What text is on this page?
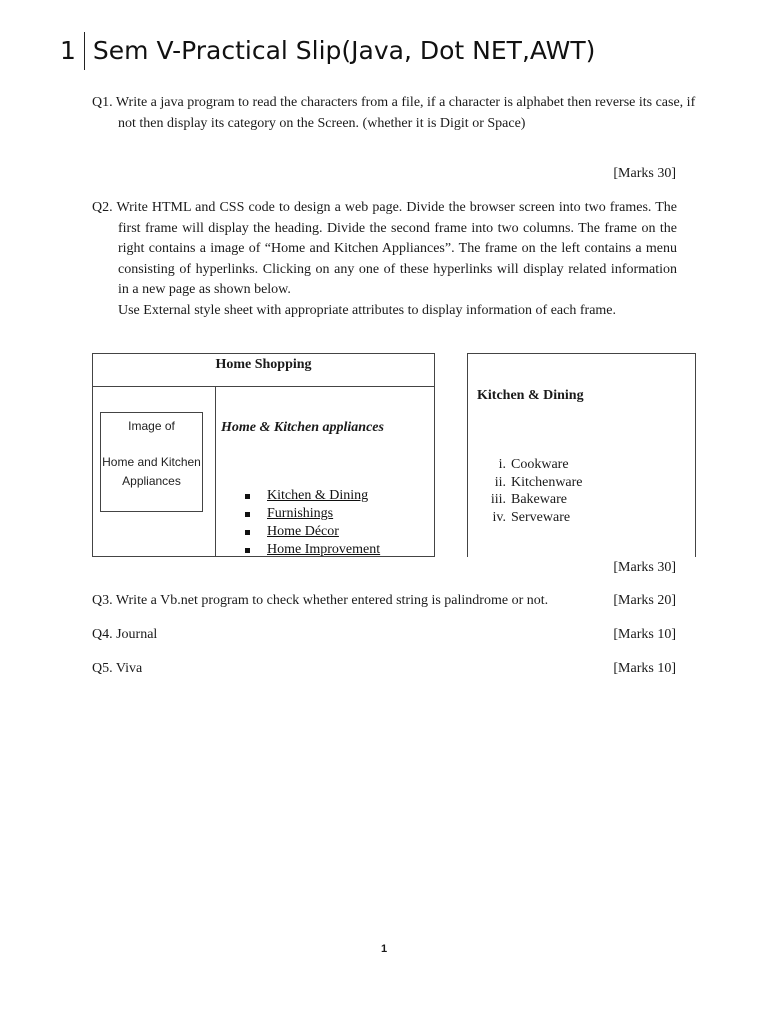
1 Sem V-Practical Slip(Java, Dot NET,AWT)
Q1. Write a java program to read the characters from a file, if a character is alphabet then reverse its case, if not then display its category on the Screen. (whether it is Digit or Space)
[Marks 30]
Q2. Write HTML and CSS code to design a web page. Divide the browser screen into two frames. The first frame will display the heading. Divide the second frame into two columns. The frame on the right contains a image of “Home and Kitchen Appliances”. The frame on the left contains a menu consisting of hyperlinks. Clicking on any one of these hyperlinks will display related information in a new page as shown below.
Use External style sheet with appropriate attributes to display information of each frame.
Home Shopping
Image of
Home and Kitchen Appliances
Home & Kitchen appliances
Kitchen & Dining
Furnishings
Home Décor
Home Improvement
Kitchen & Dining
i. Cookware
ii. Kitchenware
iii. Bakeware
iv. Serveware
[Marks 30]
Q3. Write a Vb.net program to check whether entered string is palindrome or not.	[Marks 20]
Q4. Journal	[Marks 10]
Q5. Viva	[Marks 10]
1
